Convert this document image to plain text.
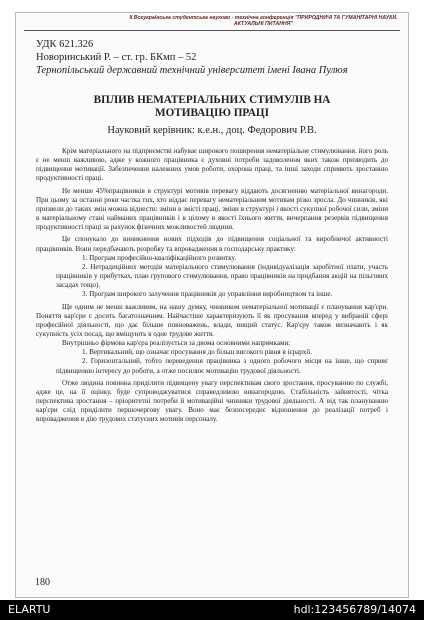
ІІ Всеукраїнська студентська науково - технічна конференція "ПРИРОДНИЧІ ТА ГУМАНІТАРНІ НАУКИ. АКТУАЛЬНІ ПИТАННЯ"
УДК 621.326
Новоринський Р. – ст. гр. БКмп – 52
Тернопільський державний технічний університет імені Івана Пулюя
ВПЛИВ НЕМАТЕРІАЛЬНИХ СТИМУЛІВ НА МОТИВАЦІЮ ПРАЦІ
Науковий керівник: к.е.н., доц. Федорович Р.В.

Крім матеріального на підприємстві набуває широкого поширення нематеріальне стимулювання. його роль є не менш важливою, адже у кожного працівника є духовні потреби задоволення яких також призводить до підвищення мотивації. Забезпечення належних умов роботи, охорона праці, та інші заходи сприяють зростанню продуктивності праці.

Не менше 45%працівників в структурі мотивів перевагу віддають досягненню матеріальної винагороди. При цьому за останні роки частка тих, хто віддає перевагу нематеріальним мотивам різко зросла. До чинників, які призвели до таких змін можна віднести: зміни в змісті праці, зміни в структурі і якості сукупної робочої сили, зміни в матеріальному стані найманих працівників і в цілому в якості їхнього життя, вичерпання резервів підвищення продуктивності праці за рахунок фізичних можливостей людини.

Це спонукало до виникнення нових підходів до підвищення соціальної та виробничої активності працівників. Вони передбачають розробку та впровадження в господарську практику:

1. Програм професійно-кваліфікаційного розвитку.

2. Нетрадиційних методів матеріального стимулювання (індивідуалізація заробітної плати, участь працівників у прибутках, план групового стимулювання, право працівників на придбання акцій на пільгових засадах тощо).

3. Програм широкого залучення працівників до управління виробництвом та інше.

Ще одним не менш важливим, на нашу думку, чинником нематеріальної мотивації є планування кар'єри. Поняття кар'єри є досить багатозначним. Найчастіше характеризують її як просування вперед у вибраній сфері професійної діяльності, що дає більше повноважень, влади, вищий статус. Кар'єру також визначають і як сукупність усіх посад, що вміщують в одне трудове життя.

Внутрішньо фірмова кар'єра реалізується за двома основними напрямками:

1. Вертикальний, що означає просування до більш високого рівня в ієрархії.

2. Горизонтальний, тобто переведення працівника з одного робочого місця на інше, що сприяє підвищенню інтересу до роботи, а отже посилює мотивацію трудової діяльності.

Отже людина повинна приділити підвищену увагу перспективам свого зростання, просуванню по службі, адже це, на її оцінку, буде супроводжуватися справедливою винагородою. Стабільність зайнятості, чітка перспектива зростання – пріоритетні потреби й мотиваційні чинники трудової діяльності. А від так плануванню кар'єри слід приділити першочергову увагу. Воно має безпосереднє відношення до реалізації потреб і впровадження в дію трудових статусних мотивів персоналу.

180
ELARTU	hdl:123456789/14074
